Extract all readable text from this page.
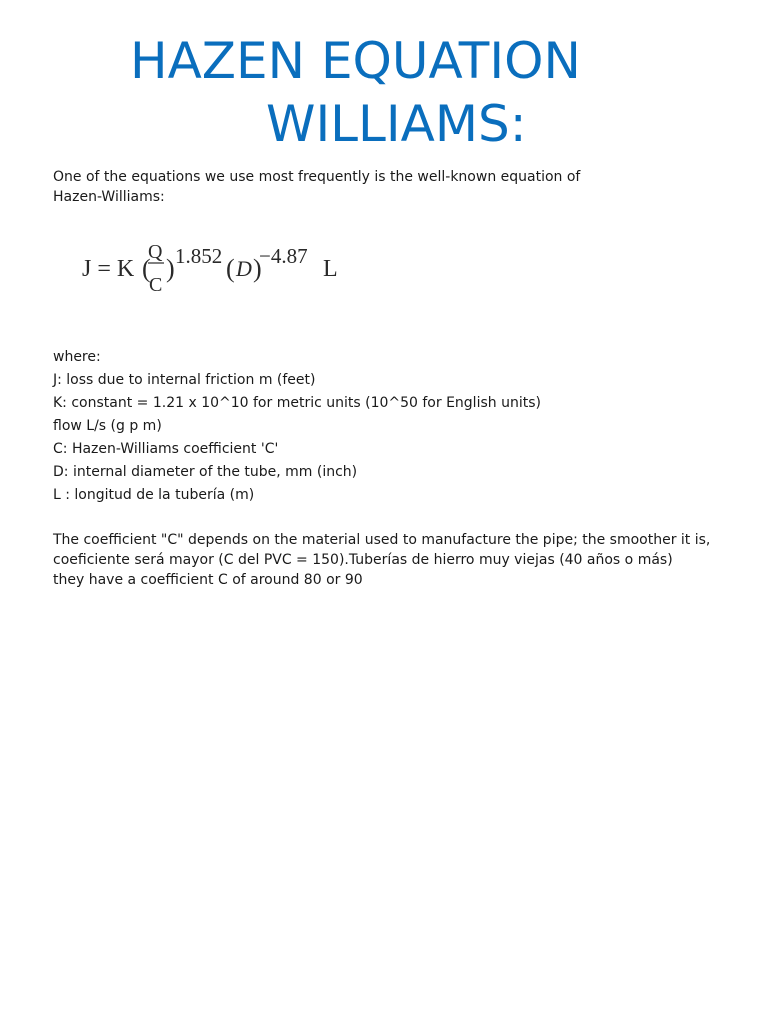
HAZEN EQUATION
WILLIAMS:
One of the equations we use most frequently is the well-known equation of
Hazen-Williams:
J = K (
Q
C
) 1.852 ( D )
−4.87 L
where:
J: loss due to internal friction m (feet)
K: constant = 1.21 x 10^10 for metric units (10^50 for English units)
flow L/s (g p m)
C: Hazen-Williams coefficient 'C'
D: internal diameter of the tube, mm (inch)
L : longitud de la tubería (m)
The coefficient "C" depends on the material used to manufacture the pipe; the smoother it is,
coeficiente será mayor (C del PVC = 150).Tuberías de hierro muy viejas (40 años o más)
they have a coefficient C of around 80 or 90
